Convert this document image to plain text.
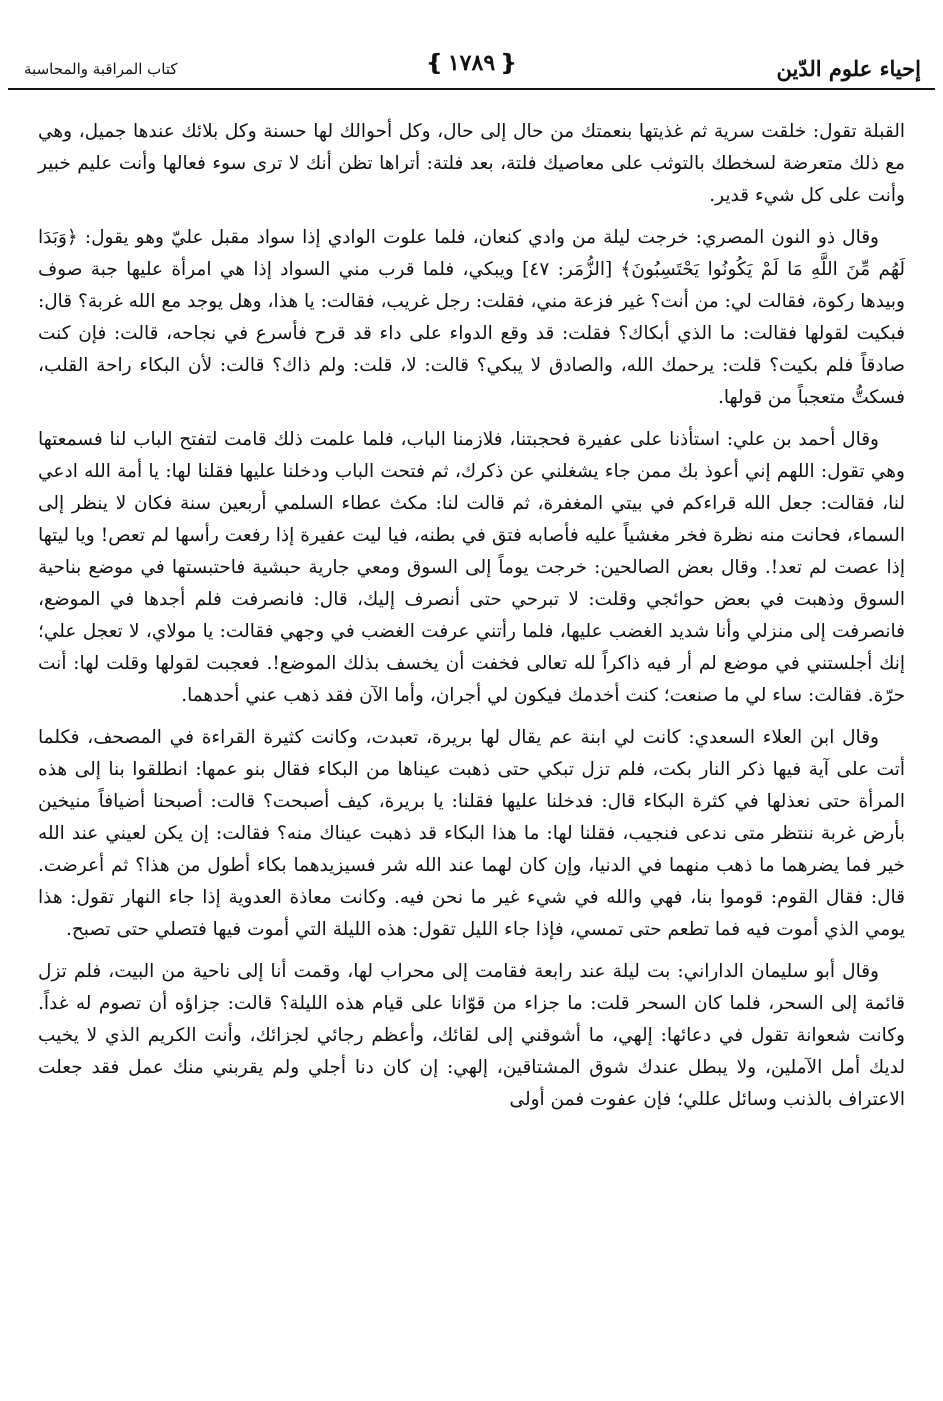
إحياء علوم الدّين
❴ ١٧٨٩ ❵
كتاب المراقبة والمحاسبة

القبلة تقول: خلقت سرية ثم غذيتها بنعمتك من حال إلى حال، وكل أحوالك لها حسنة وكل بلائك عندها جميل، وهي مع ذلك متعرضة لسخطك بالتوثب على معاصيك فلتة، بعد فلتة: أتراها تظن أنك لا ترى سوء فعالها وأنت عليم خبير وأنت على كل شيء قدير.

وقال ذو النون المصري: خرجت ليلة من وادي كنعان، فلما علوت الوادي إذا سواد مقبل عليّ وهو يقول: ﴿وَبَدَا لَهُم مِّنَ اللَّهِ مَا لَمْ يَكُونُوا يَحْتَسِبُونَ﴾ [الزُّمَر: ٤٧] ويبكي، فلما قرب مني السواد إذا هي امرأة عليها جبة صوف وبيدها ركوة، فقالت لي: من أنت؟ غير فزعة مني، فقلت: رجل غريب، فقالت: يا هذا، وهل يوجد مع الله غربة؟ قال: فبكيت لقولها فقالت: ما الذي أبكاك؟ فقلت: قد وقع الدواء على داء قد قرح فأسرع في نجاحه، قالت: فإن كنت صادقاً فلم بكيت؟ قلت: يرحمك الله، والصادق لا يبكي؟ قالت: لا، قلت: ولم ذاك؟ قالت: لأن البكاء راحة القلب، فسكتُّ متعجباً من قولها.

وقال أحمد بن علي: استأذنا على عفيرة فحجبتنا، فلازمنا الباب، فلما علمت ذلك قامت لتفتح الباب لنا فسمعتها وهي تقول: اللهم إني أعوذ بك ممن جاء يشغلني عن ذكرك، ثم فتحت الباب ودخلنا عليها فقلنا لها: يا أمة الله ادعي لنا، فقالت: جعل الله قراءكم في بيتي المغفرة، ثم قالت لنا: مكث عطاء السلمي أربعين سنة فكان لا ينظر إلى السماء، فحانت منه نظرة فخر مغشياً عليه فأصابه فتق في بطنه، فيا ليت عفيرة إذا رفعت رأسها لم تعص! ويا ليتها إذا عصت لم تعد!. وقال بعض الصالحين: خرجت يوماً إلى السوق ومعي جارية حبشية فاحتبستها في موضع بناحية السوق وذهبت في بعض حوائجي وقلت: لا تبرحي حتى أنصرف إليك، قال: فانصرفت فلم أجدها في الموضع، فانصرفت إلى منزلي وأنا شديد الغضب عليها، فلما رأتني عرفت الغضب في وجهي فقالت: يا مولاي، لا تعجل علي؛ إنك أجلستني في موضع لم أر فيه ذاكراً لله تعالى فخفت أن يخسف بذلك الموضع!. فعجبت لقولها وقلت لها: أنت حرّة. فقالت: ساء لي ما صنعت؛ كنت أخدمك فيكون لي أجران، وأما الآن فقد ذهب عني أحدهما.

وقال ابن العلاء السعدي: كانت لي ابنة عم يقال لها بريرة، تعبدت، وكانت كثيرة القراءة في المصحف، فكلما أتت على آية فيها ذكر النار بكت، فلم تزل تبكي حتى ذهبت عيناها من البكاء فقال بنو عمها: انطلقوا بنا إلى هذه المرأة حتى نعذلها في كثرة البكاء قال: فدخلنا عليها فقلنا: يا بريرة، كيف أصبحت؟ قالت: أصبحنا أضيافاً منيخين بأرض غربة ننتظر متى ندعى فنجيب، فقلنا لها: ما هذا البكاء قد ذهبت عيناك منه؟ فقالت: إن يكن لعيني عند الله خير فما يضرهما ما ذهب منهما في الدنيا، وإن كان لهما عند الله شر فسيزيدهما بكاء أطول من هذا؟ ثم أعرضت. قال: فقال القوم: قوموا بنا، فهي والله في شيء غير ما نحن فيه. وكانت معاذة العدوية إذا جاء النهار تقول: هذا يومي الذي أموت فيه فما تطعم حتى تمسي، فإذا جاء الليل تقول: هذه الليلة التي أموت فيها فتصلي حتى تصبح.

وقال أبو سليمان الداراني: بت ليلة عند رابعة فقامت إلى محراب لها، وقمت أنا إلى ناحية من البيت، فلم تزل قائمة إلى السحر، فلما كان السحر قلت: ما جزاء من قوّانا على قيام هذه الليلة؟ قالت: جزاؤه أن تصوم له غداً. وكانت شعوانة تقول في دعائها: إلهي، ما أشوقني إلى لقائك، وأعظم رجائي لجزائك، وأنت الكريم الذي لا يخيب لديك أمل الآملين، ولا يبطل عندك شوق المشتاقين، إلهي: إن كان دنا أجلي ولم يقربني منك عمل فقد جعلت الاعتراف بالذنب وسائل عللي؛ فإن عفوت فمن أولى
